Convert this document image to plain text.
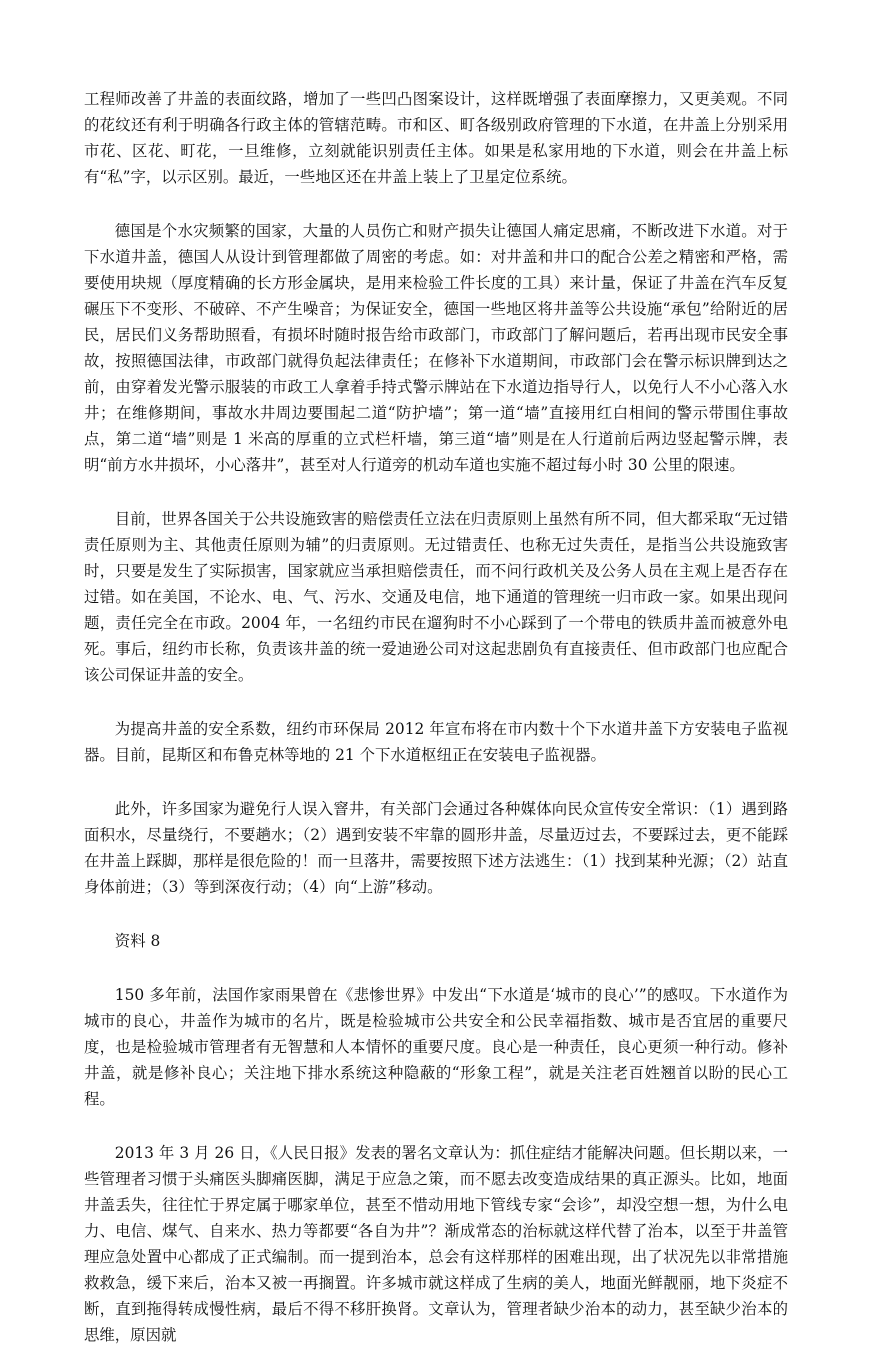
工程师改善了井盖的表面纹路，增加了一些凹凸图案设计，这样既增强了表面摩擦力，又更美观。不同的花纹还有利于明确各行政主体的管辖范畴。市和区、町各级别政府管理的下水道，在井盖上分别采用市花、区花、町花，一旦维修，立刻就能识别责任主体。如果是私家用地的下水道，则会在井盖上标有“私”字，以示区别。最近，一些地区还在井盖上装上了卫星定位系统。

德国是个水灾频繁的国家，大量的人员伤亡和财产损失让德国人痛定思痛，不断改进下水道。对于下水道井盖，德国人从设计到管理都做了周密的考虑。如：对井盖和井口的配合公差之精密和严格，需要使用块规（厚度精确的长方形金属块，是用来检验工件长度的工具）来计量，保证了井盖在汽车反复碾压下不变形、不破碎、不产生噪音；为保证安全，德国一些地区将井盖等公共设施“承包”给附近的居民，居民们义务帮助照看，有损坏时随时报告给市政部门，市政部门了解问题后，若再出现市民安全事故，按照德国法律，市政部门就得负起法律责任；在修补下水道期间，市政部门会在警示标识牌到达之前，由穿着发光警示服装的市政工人拿着手持式警示牌站在下水道边指导行人，以免行人不小心落入水井；在维修期间，事故水井周边要围起二道“防护墙”；第一道“墙”直接用红白相间的警示带围住事故点，第二道“墙”则是 1 米高的厚重的立式栏杆墙，第三道“墙”则是在人行道前后两边竖起警示牌，表明“前方水井损坏，小心落井”，甚至对人行道旁的机动车道也实施不超过每小时 30 公里的限速。

目前，世界各国关于公共设施致害的赔偿责任立法在归责原则上虽然有所不同，但大都采取“无过错责任原则为主、其他责任原则为辅”的归责原则。无过错责任、也称无过失责任，是指当公共设施致害时，只要是发生了实际损害，国家就应当承担赔偿责任，而不问行政机关及公务人员在主观上是否存在过错。如在美国，不论水、电、气、污水、交通及电信，地下通道的管理统一归市政一家。如果出现问题，责任完全在市政。2004 年，一名纽约市民在遛狗时不小心踩到了一个带电的铁质井盖而被意外电死。事后，纽约市长称，负责该井盖的统一爱迪逊公司对这起悲剧负有直接责任、但市政部门也应配合该公司保证井盖的安全。

为提高井盖的安全系数，纽约市环保局 2012 年宣布将在市内数十个下水道井盖下方安装电子监视器。目前，昆斯区和布鲁克林等地的 21 个下水道枢纽正在安装电子监视器。

此外，许多国家为避免行人误入窨井，有关部门会通过各种媒体向民众宣传安全常识：（1）遇到路面积水，尽量绕行，不要趟水；（2）遇到安装不牢靠的圆形井盖，尽量迈过去，不要踩过去，更不能踩在井盖上踩脚，那样是很危险的！而一旦落井，需要按照下述方法逃生：（1）找到某种光源；（2）站直身体前进；（3）等到深夜行动；（4）向“上游”移动。

资料 8

150 多年前，法国作家雨果曾在《悲惨世界》中发出“下水道是‘城市的良心’”的感叹。下水道作为城市的良心，井盖作为城市的名片，既是检验城市公共安全和公民幸福指数、城市是否宜居的重要尺度，也是检验城市管理者有无智慧和人本情怀的重要尺度。良心是一种责任，良心更须一种行动。修补井盖，就是修补良心；关注地下排水系统这种隐蔽的“形象工程”，就是关注老百姓翘首以盼的民心工程。

2013 年 3 月 26 日，《人民日报》发表的署名文章认为：抓住症结才能解决问题。但长期以来，一些管理者习惯于头痛医头脚痛医脚，满足于应急之策，而不愿去改变造成结果的真正源头。比如，地面井盖丢失，往往忙于界定属于哪家单位，甚至不惜动用地下管线专家“会诊”，却没空想一想，为什么电力、电信、煤气、自来水、热力等都要“各自为井”？渐成常态的治标就这样代替了治本，以至于井盖管理应急处置中心都成了正式编制。而一提到治本，总会有这样那样的困难出现，出了状况先以非常措施救救急，缓下来后，治本又被一再搁置。许多城市就这样成了生病的美人，地面光鲜靓丽，地下炎症不断，直到拖得转成慢性病，最后不得不移肝换肾。文章认为，管理者缺少治本的动力，甚至缺少治本的思维，原因就
